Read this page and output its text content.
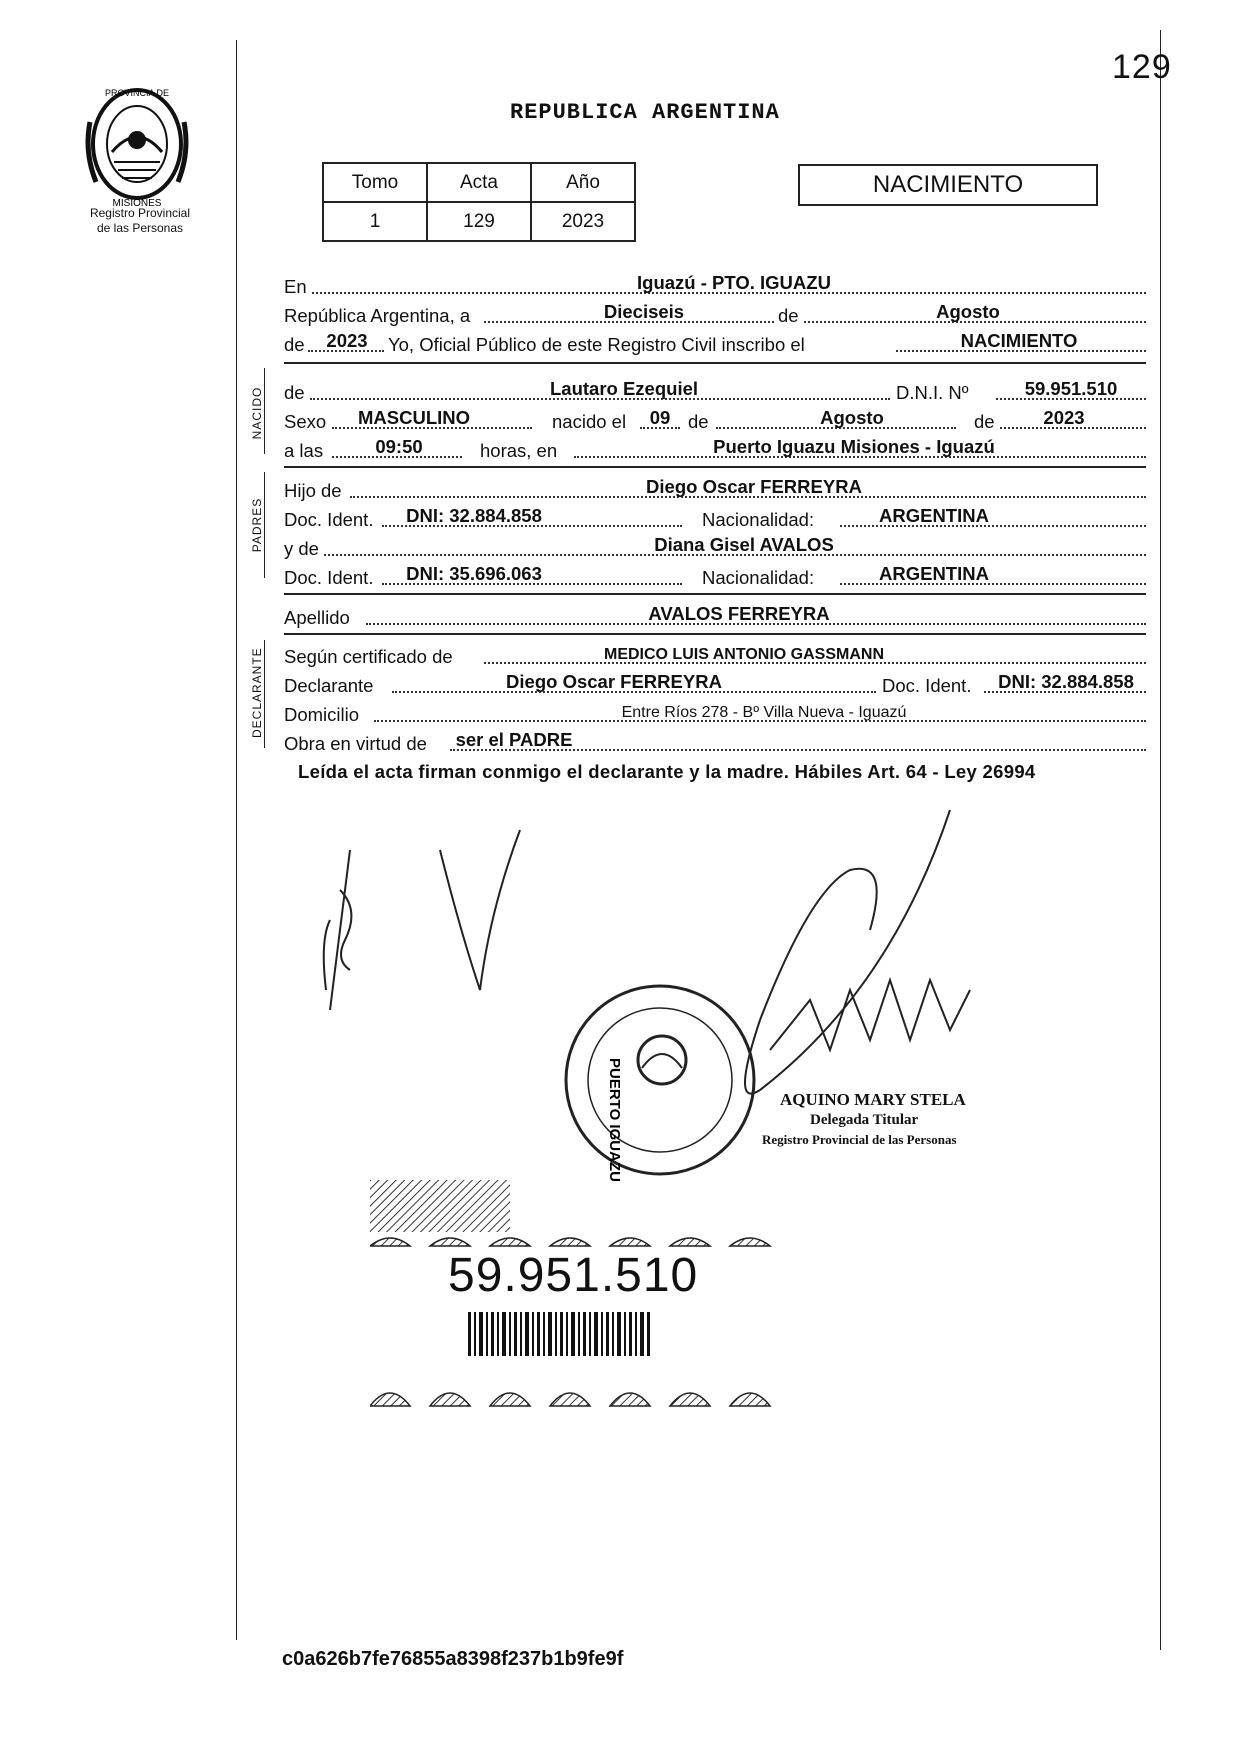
129
PROVINCIA DE
MISIONES
Registro Provincial
de las Personas
REPUBLICA ARGENTINA
Tomo	Acta	Año
1	129	2023
NACIMIENTO
En	Iguazú - PTO. IGUAZU
República Argentina, a	Dieciseis	de	Agosto
de	2023	Yo, Oficial Público de este Registro Civil inscribo el	NACIMIENTO
NACIDO de	Lautaro Ezequiel	D.N.I. Nº	59.951.510
Sexo	MASCULINO	nacido el	09 de	Agosto	de	2023
a las	09:50	horas, en	Puerto Iguazu Misiones - Iguazú
PADRES
Hijo de	Diego Oscar FERREYRA
Doc. Ident.	DNI: 32.884.858	Nacionalidad:	ARGENTINA
y de	Diana Gisel AVALOS
Doc. Ident.	DNI: 35.696.063	Nacionalidad:	ARGENTINA
Apellido	AVALOS FERREYRA
DECLARANTE Según certificado de	MEDICO LUIS ANTONIO GASSMANN
Declarante	Diego Oscar FERREYRA	Doc. Ident.	DNI: 32.884.858
Domicilio	Entre Ríos 278 - Bº Villa Nueva - Iguazú
Obra en virtud de ser el PADRE
Leída el acta firman conmigo el declarante y la madre. Hábiles Art. 64 - Ley 26994
PUERTO IGUAZU	AQUINO MARY STELA
Delegada Titular
Registro Provincial de las Personas
59.951.510
c0a626b7fe76855a8398f237b1b9fe9f
